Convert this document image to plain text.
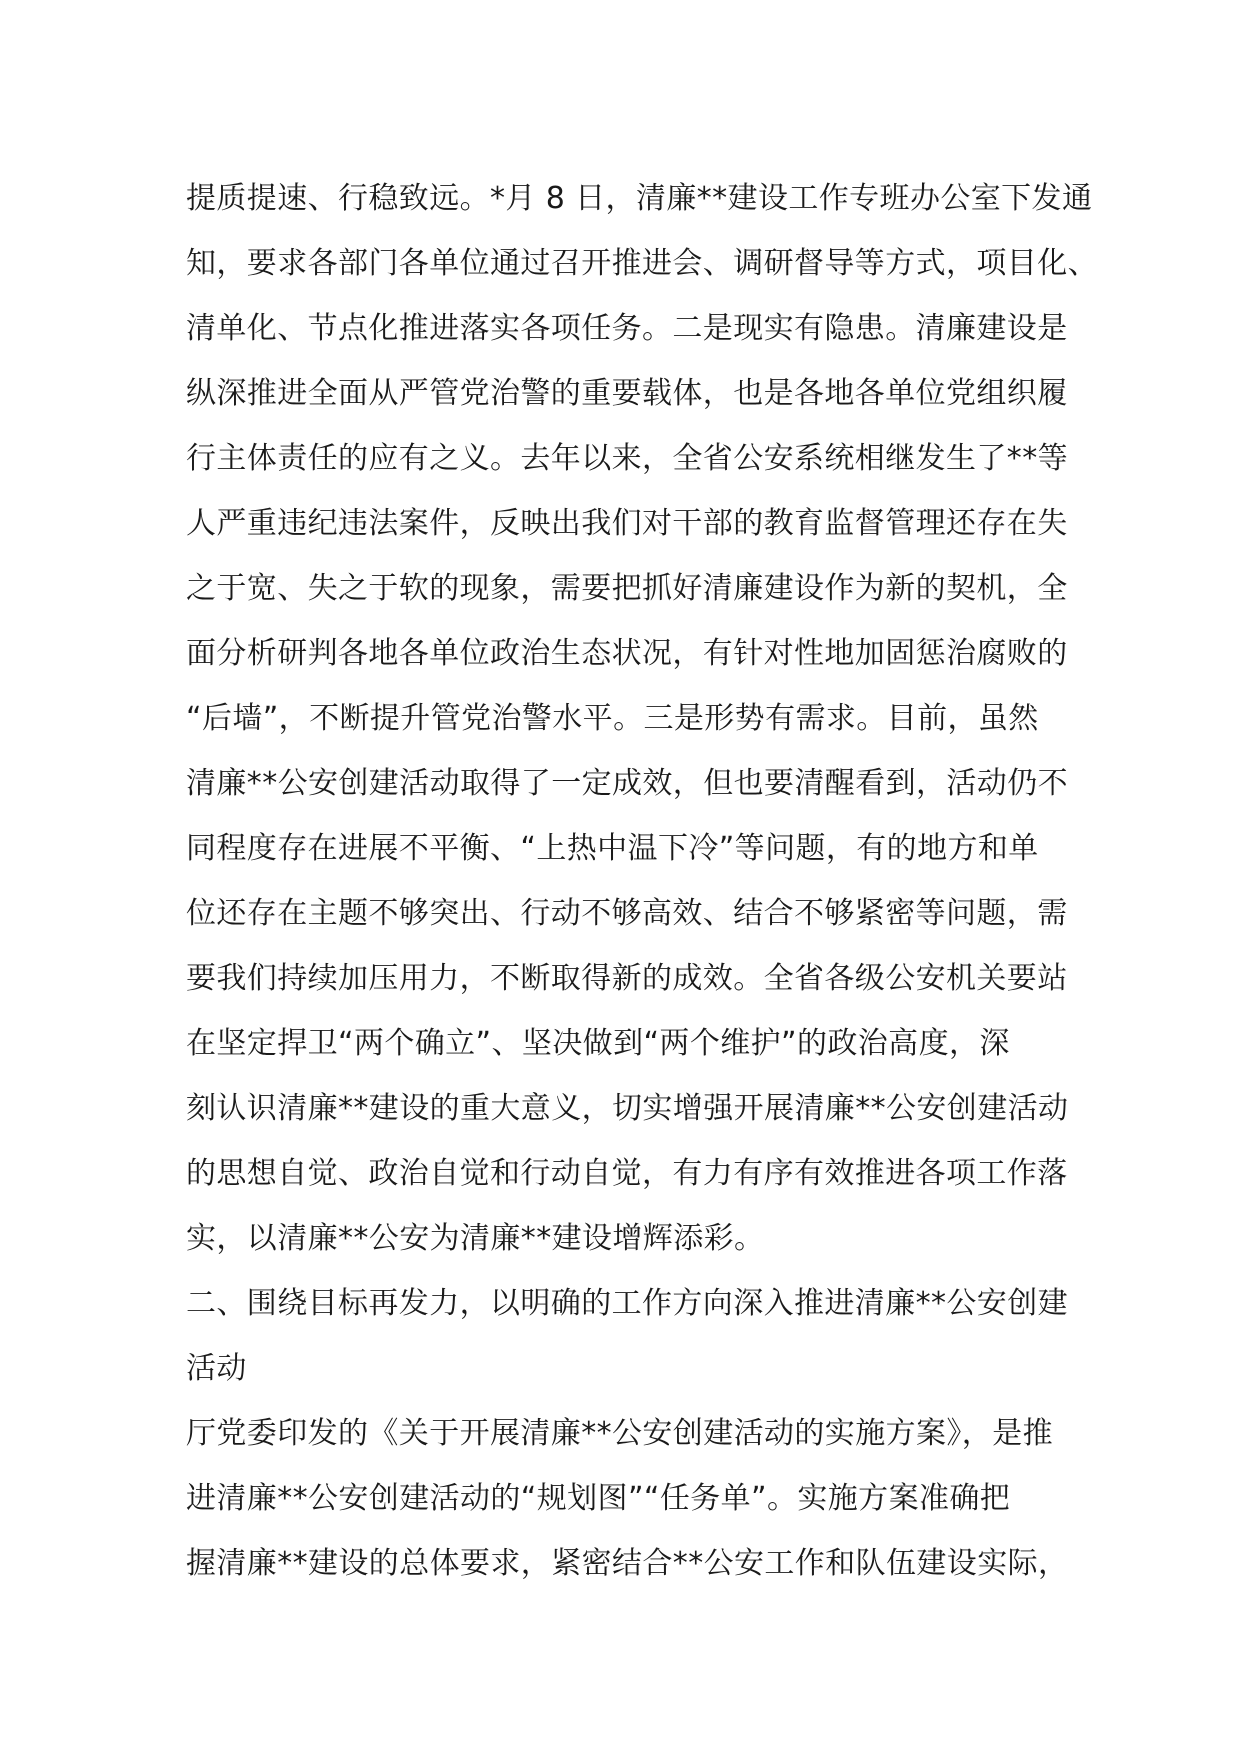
提质提速、行稳致远。*月 8 日，清廉**建设工作专班办公室下发通
知，要求各部门各单位通过召开推进会、调研督导等方式，项目化、
清单化、节点化推进落实各项任务。二是现实有隐患。清廉建设是
纵深推进全面从严管党治警的重要载体，也是各地各单位党组织履
行主体责任的应有之义。去年以来，全省公安系统相继发生了**等
人严重违纪违法案件，反映出我们对干部的教育监督管理还存在失
之于宽、失之于软的现象，需要把抓好清廉建设作为新的契机，全
面分析研判各地各单位政治生态状况，有针对性地加固惩治腐败的
“后墙”，不断提升管党治警水平。三是形势有需求。目前，虽然
清廉**公安创建活动取得了一定成效，但也要清醒看到，活动仍不
同程度存在进展不平衡、“上热中温下冷”等问题，有的地方和单
位还存在主题不够突出、行动不够高效、结合不够紧密等问题，需
要我们持续加压用力，不断取得新的成效。全省各级公安机关要站
在坚定捍卫“两个确立”、坚决做到“两个维护”的政治高度，深
刻认识清廉**建设的重大意义，切实增强开展清廉**公安创建活动
的思想自觉、政治自觉和行动自觉，有力有序有效推进各项工作落
实，以清廉**公安为清廉**建设增辉添彩。
二、围绕目标再发力，以明确的工作方向深入推进清廉**公安创建
活动
厅党委印发的《关于开展清廉**公安创建活动的实施方案》，是推
进清廉**公安创建活动的“规划图”“任务单”。实施方案准确把
握清廉**建设的总体要求，紧密结合**公安工作和队伍建设实际，
